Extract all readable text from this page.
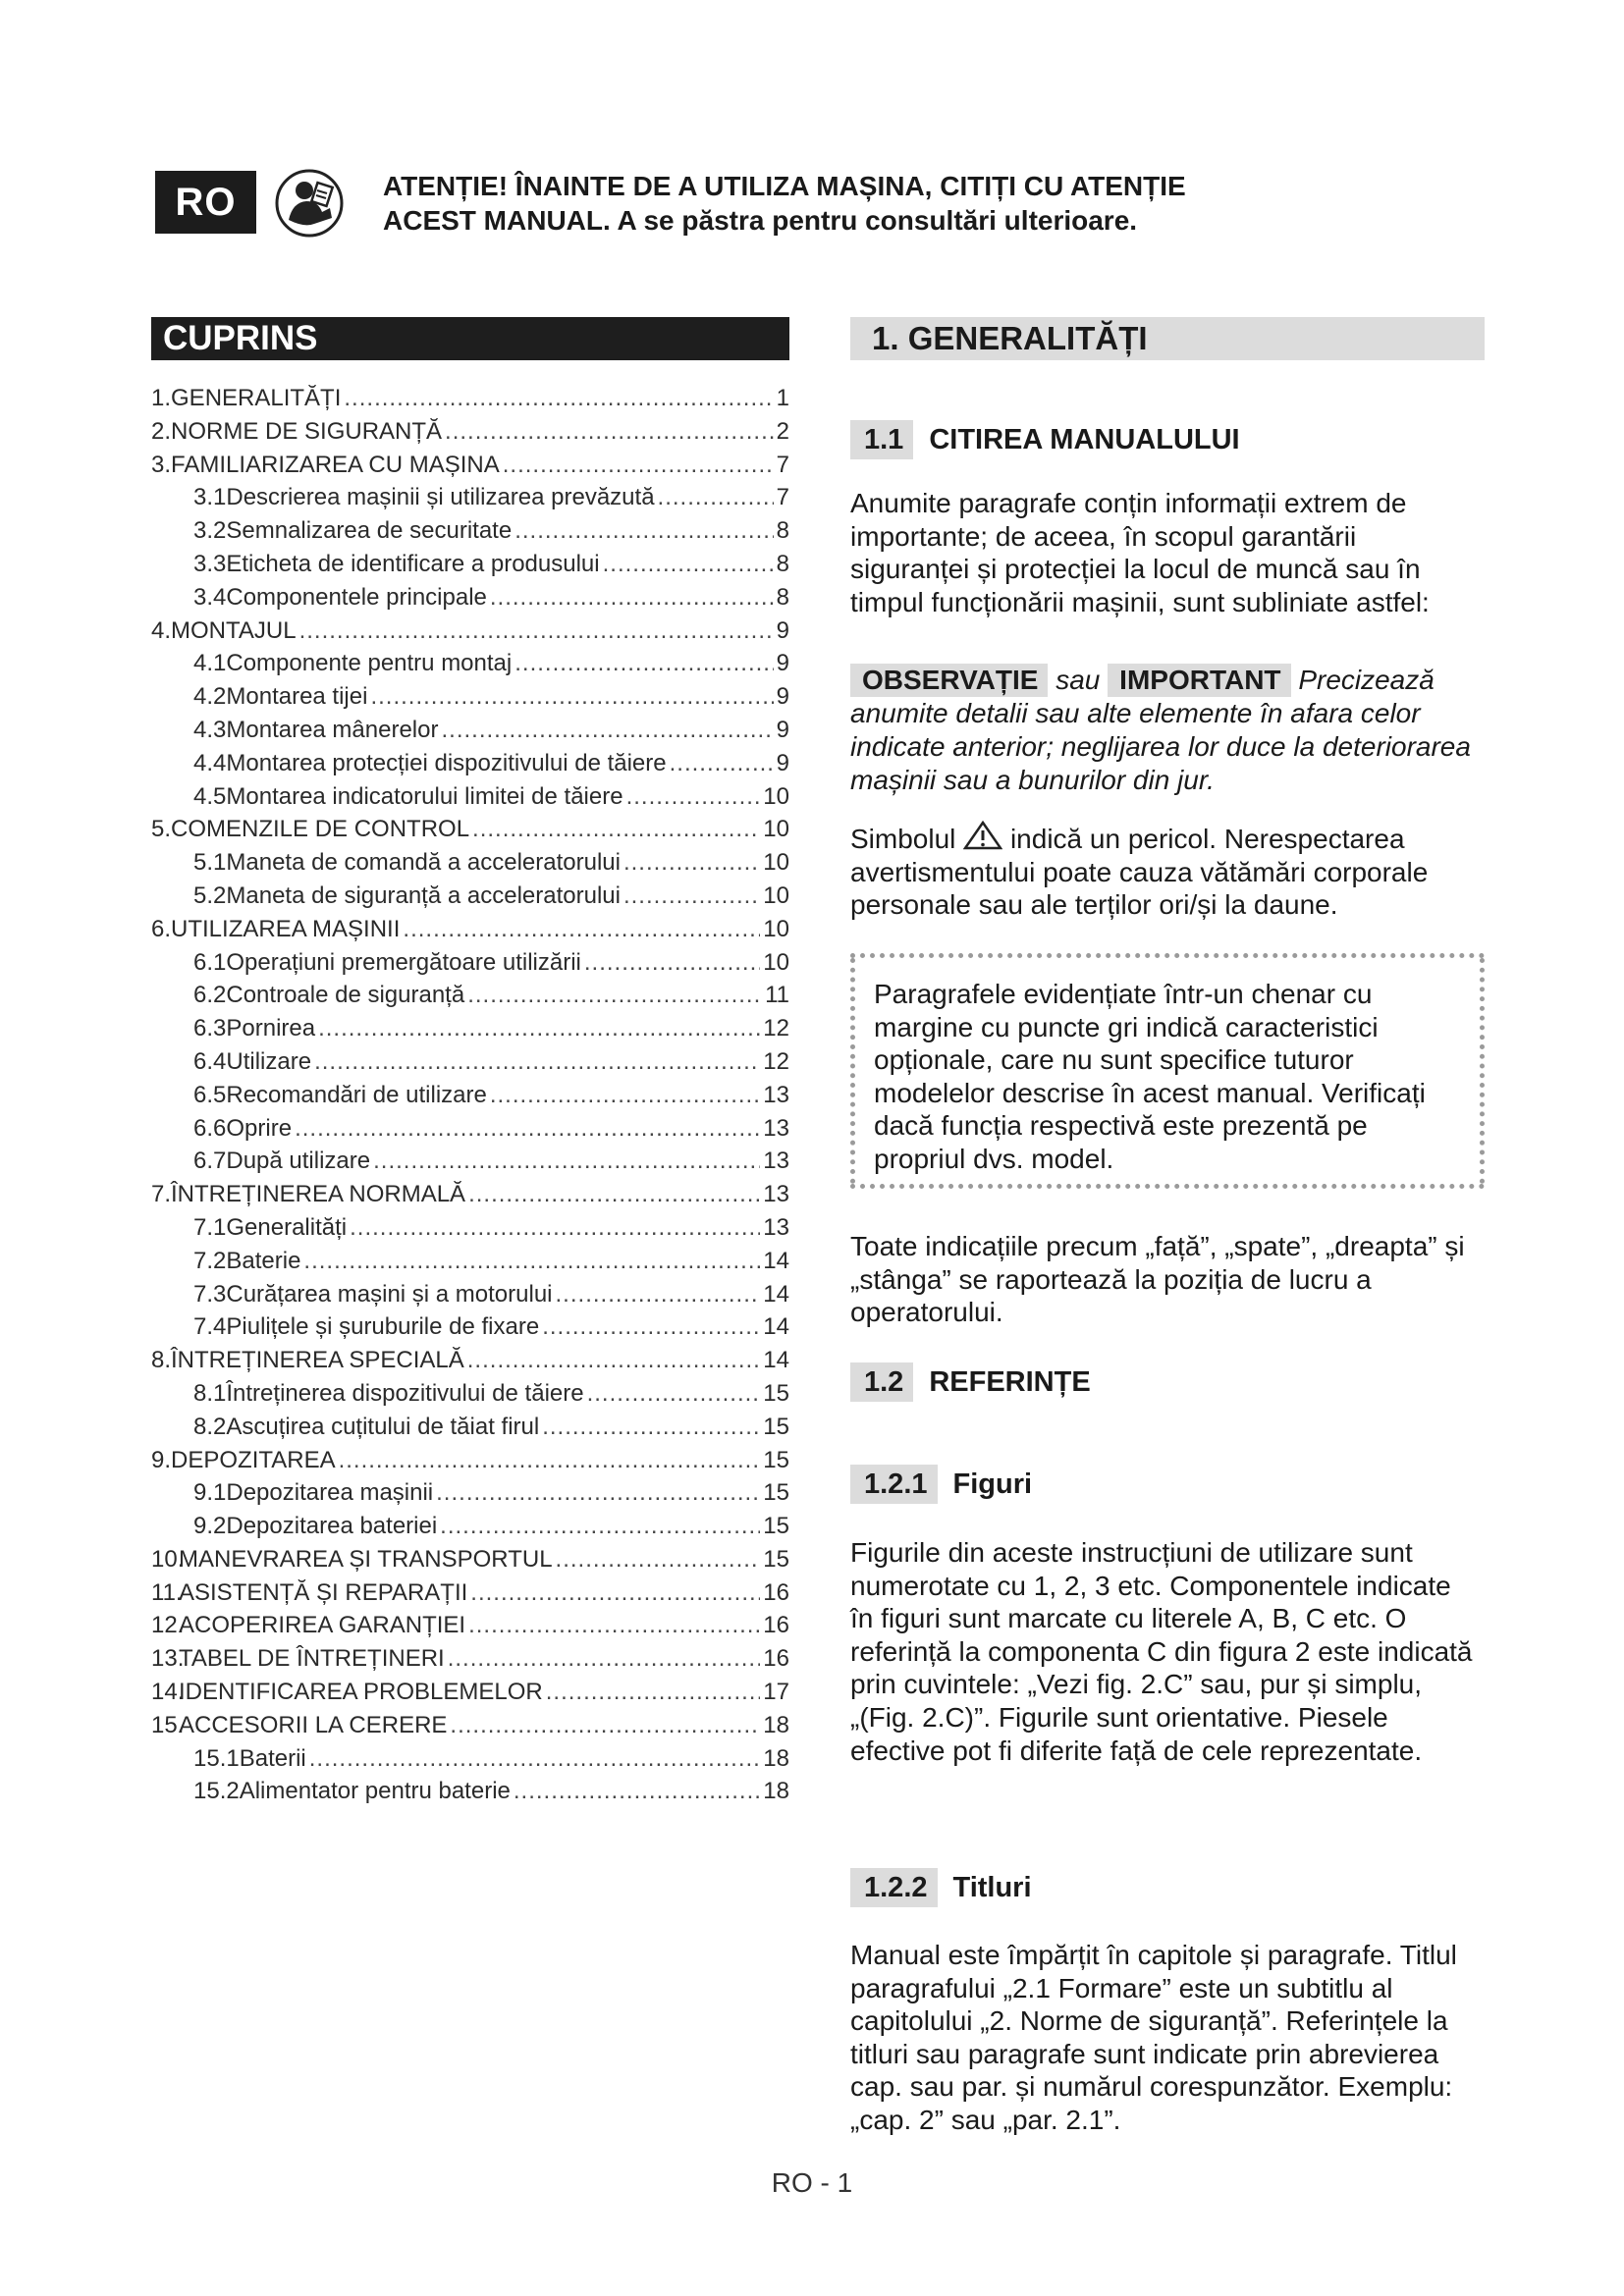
RO	ATENȚIE! ÎNAINTE DE A UTILIZA MAȘINA, CITIȚI CU ATENȚIE
ACEST MANUAL. A se păstra pentru consultări ulterioare.
CUPRINS
1. GENERALITĂȚI .....	1
2. NORME DE SIGURANȚĂ .....	2
3. FAMILIARIZAREA CU MAȘINA .....	7
3.1 Descrierea mașinii și utilizarea prevăzută .....	7
3.2 Semnalizarea de securitate .....	8
3.3 Eticheta de identificare a produsului .....	8
3.4 Componentele principale .....	8
4. MONTAJUL .....	9
4.1 Componente pentru montaj .....	9
4.2 Montarea tijei .....	9
4.3 Montarea mânerelor .....	9
4.4 Montarea protecției dispozitivului de tăiere .....	9
4.5 Montarea indicatorului limitei de tăiere .....	10
5. COMENZILE DE CONTROL .....	10
5.1 Maneta de comandă a acceleratorului .....	10
5.2 Maneta de siguranță a acceleratorului .....	10
6. UTILIZAREA MAȘINII .....	10
6.1 Operațiuni premergătoare utilizării .....	10
6.2 Controale de siguranță .....	11
6.3 Pornirea .....	12
6.4 Utilizare .....	12
6.5 Recomandări de utilizare .....	13
6.6 Oprire .....	13
6.7 După utilizare .....	13
7. ÎNTREȚINEREA NORMALĂ .....	13
7.1 Generalități .....	13
7.2 Baterie .....	14
7.3 Curățarea mașini și a motorului .....	14
7.4 Piulițele și șuruburile de fixare .....	14
8. ÎNTREȚINEREA SPECIALĂ .....	14
8.1 Întreținerea dispozitivului de tăiere .....	15
8.2 Ascuțirea cuțitului de tăiat firul .....	15
9. DEPOZITAREA .....	15
9.1 Depozitarea mașinii .....	15
9.2 Depozitarea bateriei .....	15
10.
MANEVRAREA ȘI TRANSPORTUL .....	15
11.
ASISTENȚĂ ȘI REPARAȚII .....	16
12.
ACOPERIREA GARANȚIEI .....	16
13.
TABEL DE ÎNTREȚINERI .....	16
14.
IDENTIFICAREA PROBLEMELOR .....	17
15.
ACCESORII LA CERERE .....	18
15.1 Baterii .....	18
15.2 Alimentator pentru baterie .....	18
1. GENERALITĂȚI
1.1 CITIREA MANUALULUI
Anumite paragrafe conțin informații extrem de importante; de aceea, în scopul garantării siguranței și protecției la locul de muncă sau în timpul funcționării mașinii, sunt subliniate astfel:
OBSERVAȚIE sau IMPORTANT Precizează anumite detalii sau alte elemente în afara celor indicate anterior; neglijarea lor duce la deteriorarea mașinii sau a bunurilor din jur.
Simbolul indică un pericol. Nerespectarea avertismentului poate cauza vătămări corporale personale sau ale terților ori/și la daune.
Paragrafele evidențiate într-un chenar cu margine cu puncte gri indică caracteristici opționale, care nu sunt specifice tuturor modelelor descrise în acest manual. Verificați dacă funcția respectivă este prezentă pe propriul dvs. model.
Toate indicațiile precum „față”, „spate”, „dreapta” și „stânga” se raportează la poziția de lucru a operatorului.
1.2 REFERINȚE
1.2.1 Figuri
Figurile din aceste instrucțiuni de utilizare sunt numerotate cu 1, 2, 3 etc. Componentele indicate în figuri sunt marcate cu literele A, B, C etc. O referință la componenta C din figura 2 este indicată prin cuvintele: „Vezi fig. 2.C” sau, pur și simplu, „(Fig. 2.C)”. Figurile sunt orientative. Piesele efective pot fi diferite față de cele reprezentate.
1.2.2 Titluri
Manual este împărțit în capitole și paragrafe. Titlul paragrafului „2.1 Formare” este un subtitlu al capitolului „2. Norme de siguranță”. Referințele la titluri sau paragrafe sunt indicate prin abrevierea cap. sau par. și numărul corespunzător. Exemplu: „cap. 2” sau „par. 2.1”.
RO - 1
